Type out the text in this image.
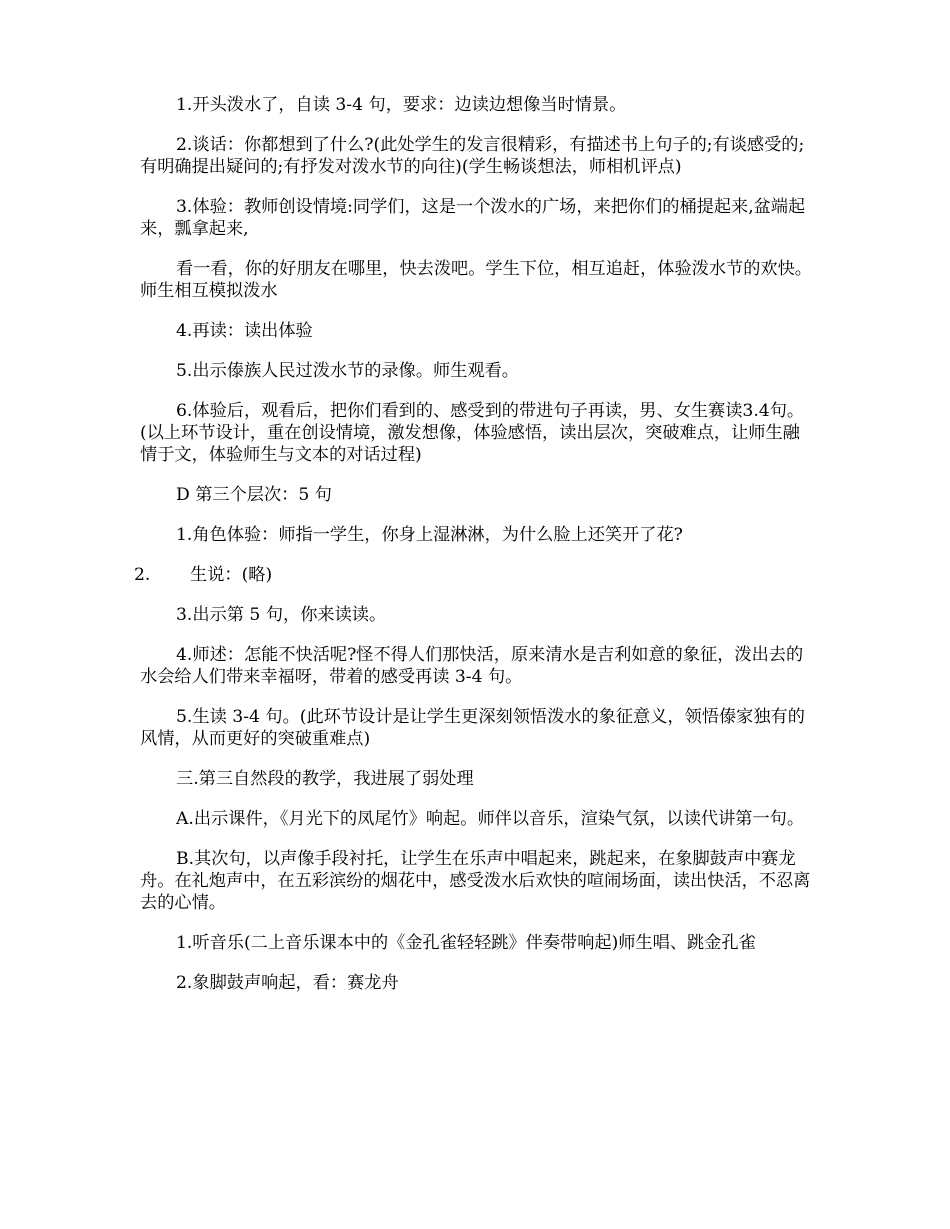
1.开头泼水了，自读 3-4 句，要求：边读边想像当时情景。

2.谈话：你都想到了什么?(此处学生的发言很精彩，有描述书上句子的;有谈感受的;有明确提出疑问的;有抒发对泼水节的向往)(学生畅谈想法，师相机评点)

3.体验：教师创设情境:同学们，这是一个泼水的广场，来把你们的桶提起来,盆端起来，瓢拿起来,

看一看，你的好朋友在哪里，快去泼吧。学生下位，相互追赶，体验泼水节的欢快。师生相互模拟泼水

4.再读：读出体验

5.出示傣族人民过泼水节的录像。师生观看。

6.体验后，观看后，把你们看到的、感受到的带进句子再读，男、女生赛读3.4句。(以上环节设计，重在创设情境，激发想像，体验感悟，读出层次，突破难点，让师生融情于文，体验师生与文本的对话过程)

D 第三个层次：5 句

1.角色体验：师指一学生，你身上湿淋淋，为什么脸上还笑开了花?

2. 生说：(略)

3.出示第 5 句，你来读读。

4.师述：怎能不快活呢?怪不得人们那快活，原来清水是吉利如意的象征，泼出去的水会给人们带来幸福呀，带着的感受再读 3-4 句。

5.生读 3-4 句。(此环节设计是让学生更深刻领悟泼水的象征意义，领悟傣家独有的风情，从而更好的突破重难点)

三.第三自然段的教学，我进展了弱处理

A.出示课件，《月光下的凤尾竹》响起。师伴以音乐，渲染气氛，以读代讲第一句。

B.其次句，以声像手段衬托，让学生在乐声中唱起来，跳起来，在象脚鼓声中赛龙舟。在礼炮声中，在五彩滨纷的烟花中，感受泼水后欢快的喧闹场面，读出快活，不忍离去的心情。

1.听音乐(二上音乐课本中的《金孔雀轻轻跳》伴奏带响起)师生唱、跳金孔雀

2.象脚鼓声响起，看：赛龙舟
